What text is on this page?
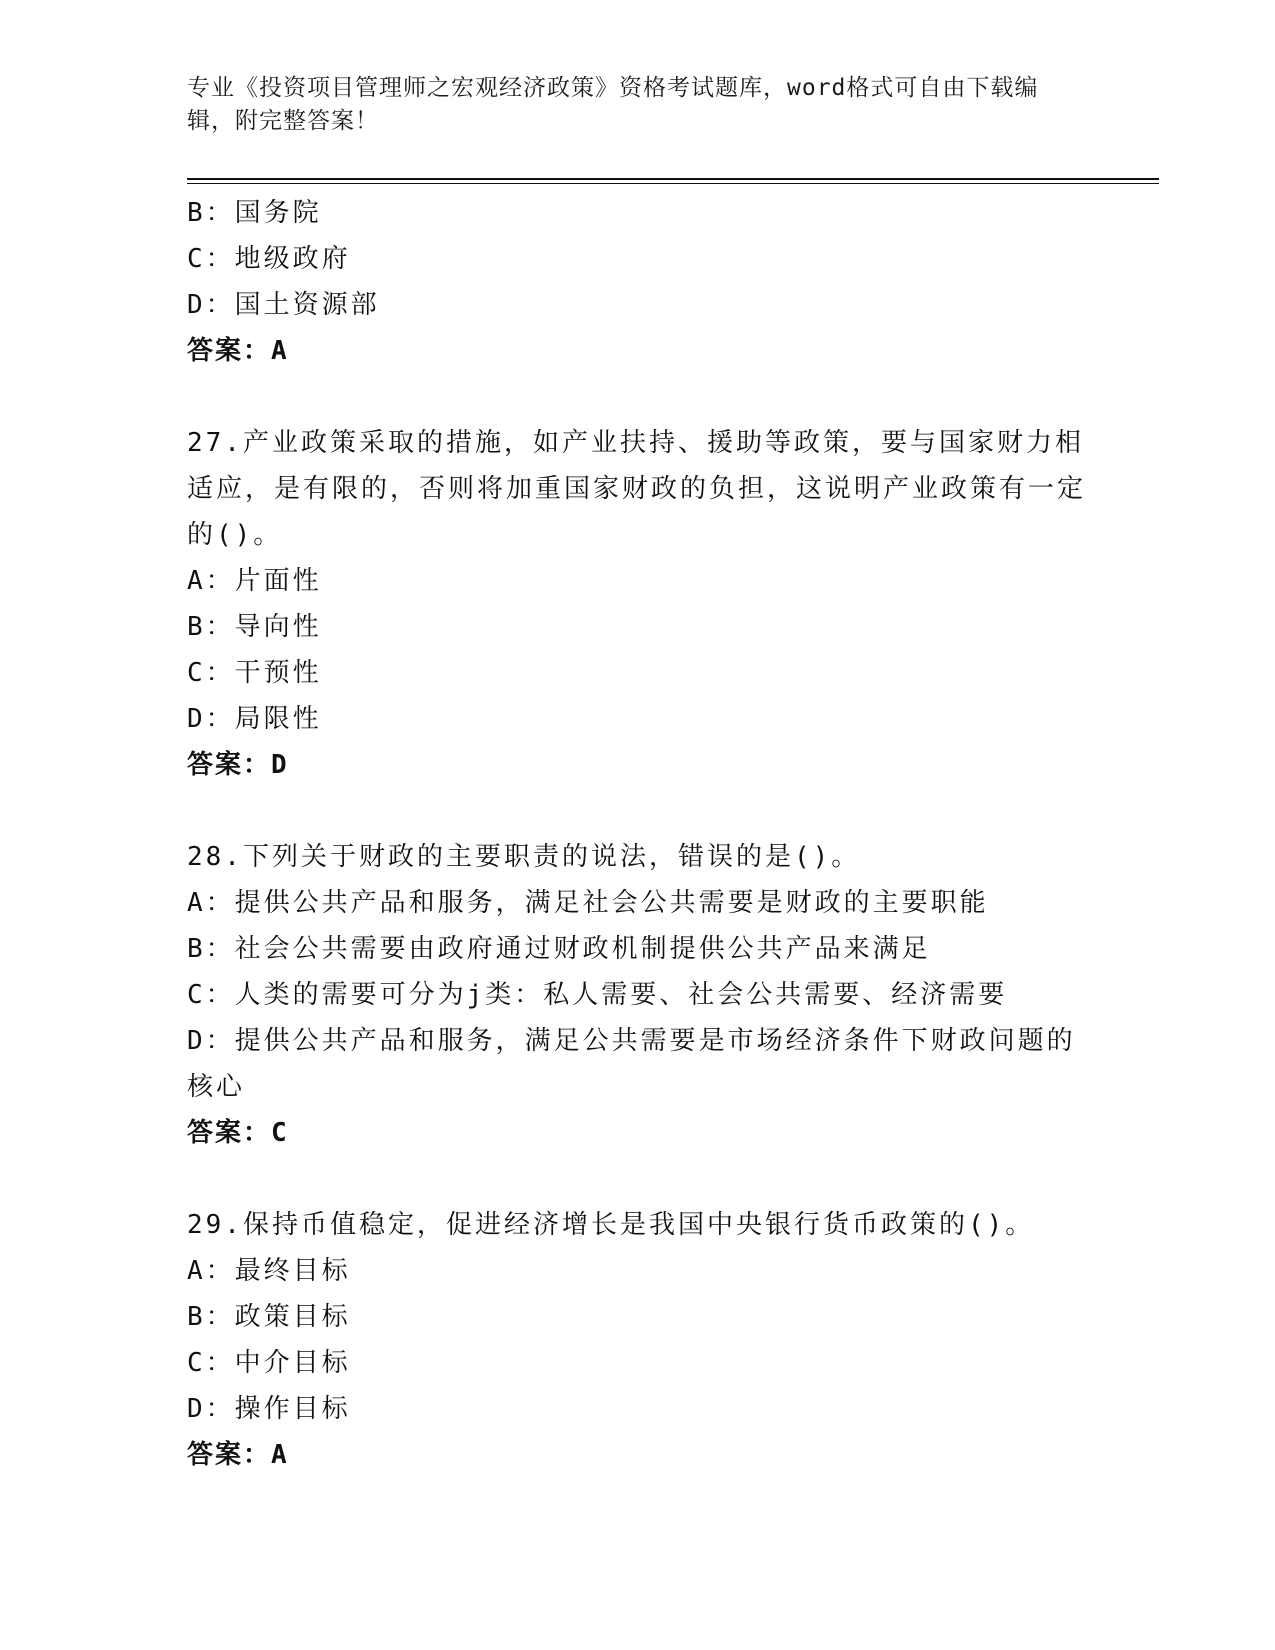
专业《投资项目管理师之宏观经济政策》资格考试题库，word格式可自由下载编辑，附完整答案！
B：国务院
C：地级政府
D：国土资源部
答案：A
27.产业政策采取的措施，如产业扶持、援助等政策，要与国家财力相适应，是有限的，否则将加重国家财政的负担，这说明产业政策有一定的()。
A：片面性
B：导向性
C：干预性
D：局限性
答案：D
28.下列关于财政的主要职责的说法，错误的是()。
A：提供公共产品和服务，满足社会公共需要是财政的主要职能
B：社会公共需要由政府通过财政机制提供公共产品来满足
C：人类的需要可分为j类：私人需要、社会公共需要、经济需要
D：提供公共产品和服务，满足公共需要是市场经济条件下财政问题的核心
答案：C
29.保持币值稳定，促进经济增长是我国中央银行货币政策的()。
A：最终目标
B：政策目标
C：中介目标
D：操作目标
答案：A
